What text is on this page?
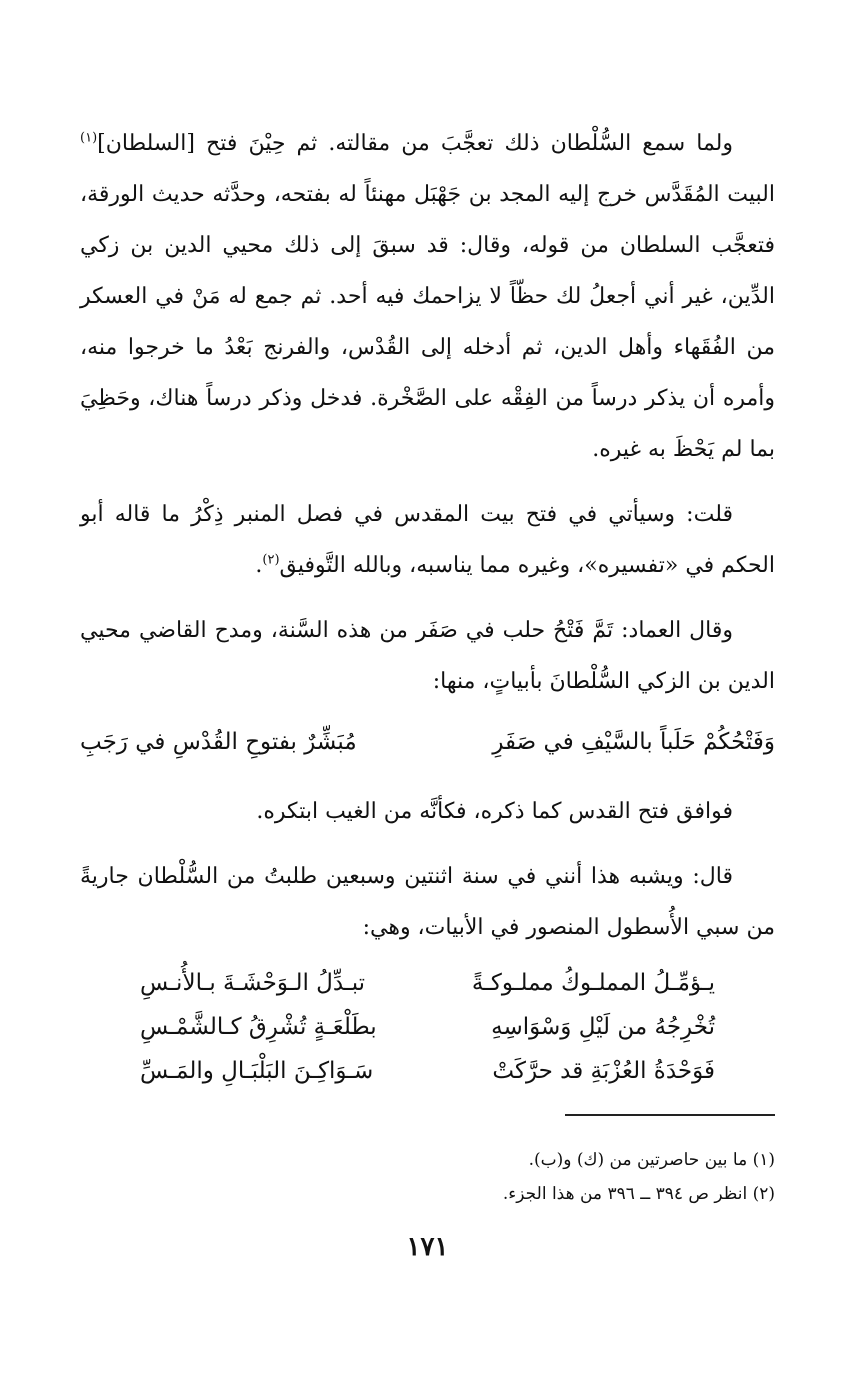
ولما سمع السُّلْطان ذلك تعجَّبَ من مقالته. ثم حِيْنَ فتح [السلطان]$^{(١)}$ البيت المُقَدَّس خرج إليه المجد بن جَهْبَل مهنئاً له بفتحه، وحدَّثه حديث الورقة، فتعجَّب السلطان من قوله، وقال: قد سبقَ إلى ذلك محيي الدين بن زكي الدِّين، غير أني أجعلُ لك حظّاً لا يزاحمك فيه أحد. ثم جمع له مَنْ في العسكر من الفُقَهاء وأهل الدين، ثم أدخله إلى القُدْس، والفرنج بَعْدُ ما خرجوا منه، وأمره أن يذكر درساً من الفِقْه على الصَّخْرة. فدخل وذكر درساً هناك، وحَظِيَ بما لم يَحْظَ به غيره.

قلت: وسيأتي في فتح بيت المقدس في فصل المنبر ذِكْرُ ما قاله أبو الحكم في «تفسيره»، وغيره مما يناسبه، وبالله التَّوفيق$^{(٢)}$.

وقال العماد: تَمَّ فَتْحُ حلب في صَفَر من هذه السَّنة، ومدح القاضي محيي الدين بن الزكي السُّلْطانَ بأبياتٍ، منها:

وَفَتْحُكُمْ حَلَباً بالسَّيْفِ في صَفَرِ
مُبَشِّرٌ بفتوحِ القُدْسِ في رَجَبِ

فوافق فتح القدس كما ذكره، فكأنَّه من الغيب ابتكره.

قال: ويشبه هذا أنني في سنة اثنتين وسبعين طلبتُ من السُّلْطان جاريةً من سبي الأُسطول المنصور في الأبيات، وهي:

يـؤمِّـلُ المملـوكُ مملـوكـةً
تبـدِّلُ الـوَحْشَـةَ بـالأُنـسِ
تُخْرِجُهُ من لَيْلِ وَسْوَاسِهِ
بطَلْعَـةٍ تُشْرِقُ كـالشَّمْـسِ
فَوَحْدَةُ العُزْبَةِ قد حرَّكَتْ
سَـوَاكِـنَ البَلْبَـالِ والمَـسِّ
(١) ما بين حاصرتين من (ك) و(ب).
(٢) انظر ص ٣٩٤ ــ ٣٩٦ من هذا الجزء.
١٧١
